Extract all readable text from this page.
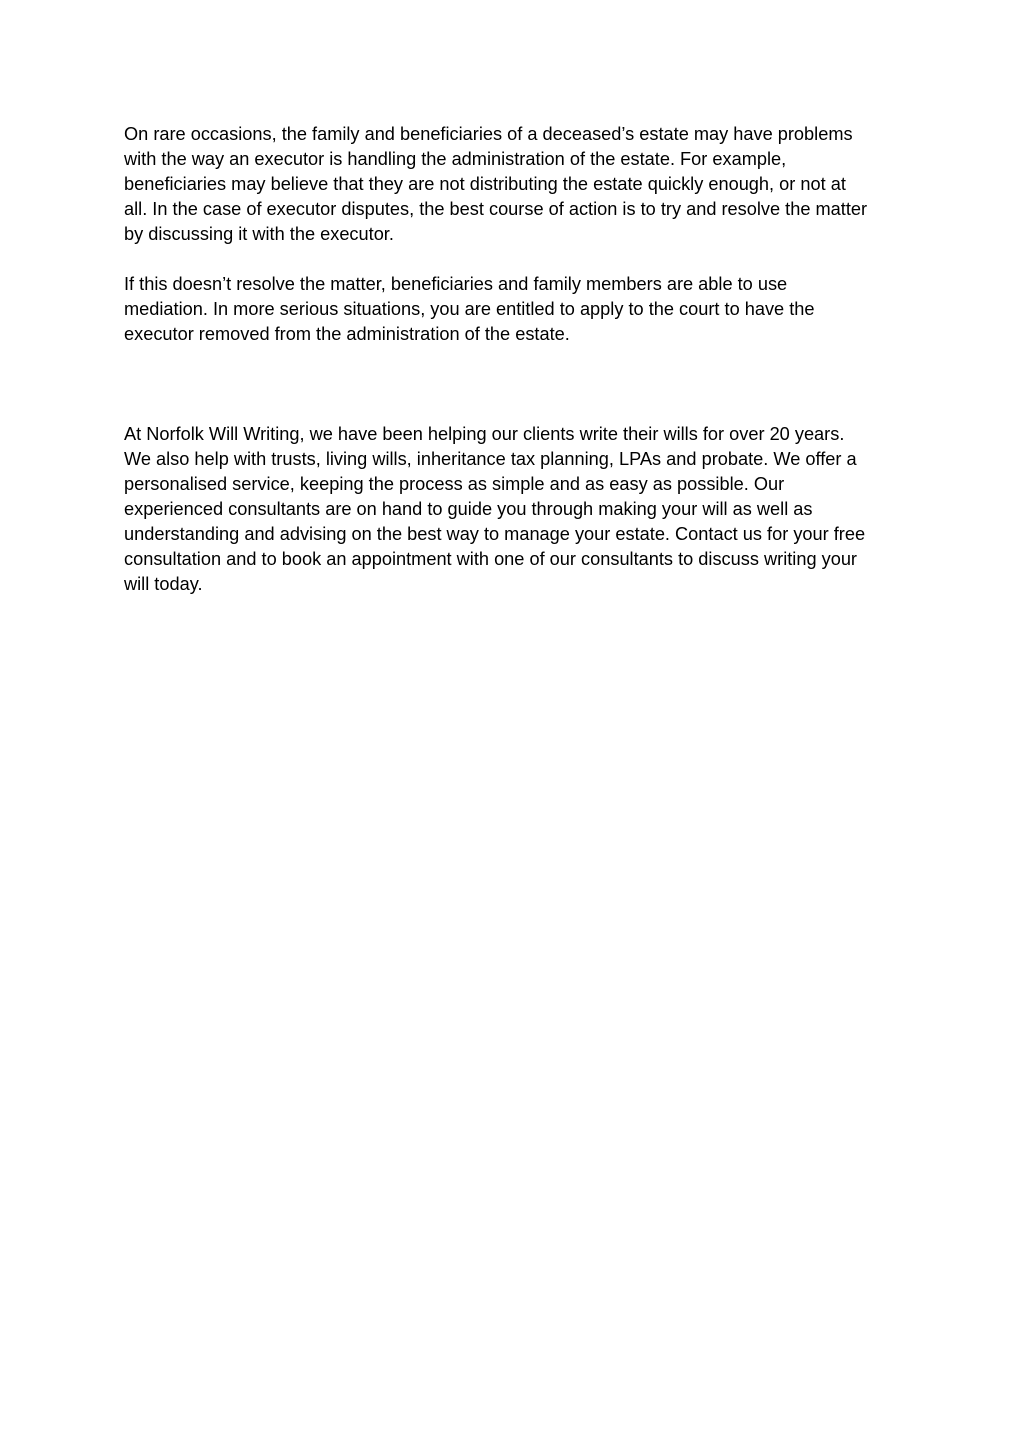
On rare occasions, the family and beneficiaries of a deceased’s estate may have problems
with the way an executor is handling the administration of the estate. For example,
beneficiaries may believe that they are not distributing the estate quickly enough, or not at
all. In the case of executor disputes, the best course of action is to try and resolve the matter
by discussing it with the executor.

If this doesn’t resolve the matter, beneficiaries and family members are able to use
mediation. In more serious situations, you are entitled to apply to the court to have the
executor removed from the administration of the estate.

At Norfolk Will Writing, we have been helping our clients write their wills for over 20 years.
We also help with trusts, living wills, inheritance tax planning, LPAs and probate. We offer a
personalised service, keeping the process as simple and as easy as possible. Our
experienced consultants are on hand to guide you through making your will as well as
understanding and advising on the best way to manage your estate. Contact us for your free
consultation and to book an appointment with one of our consultants to discuss writing your
will today.
